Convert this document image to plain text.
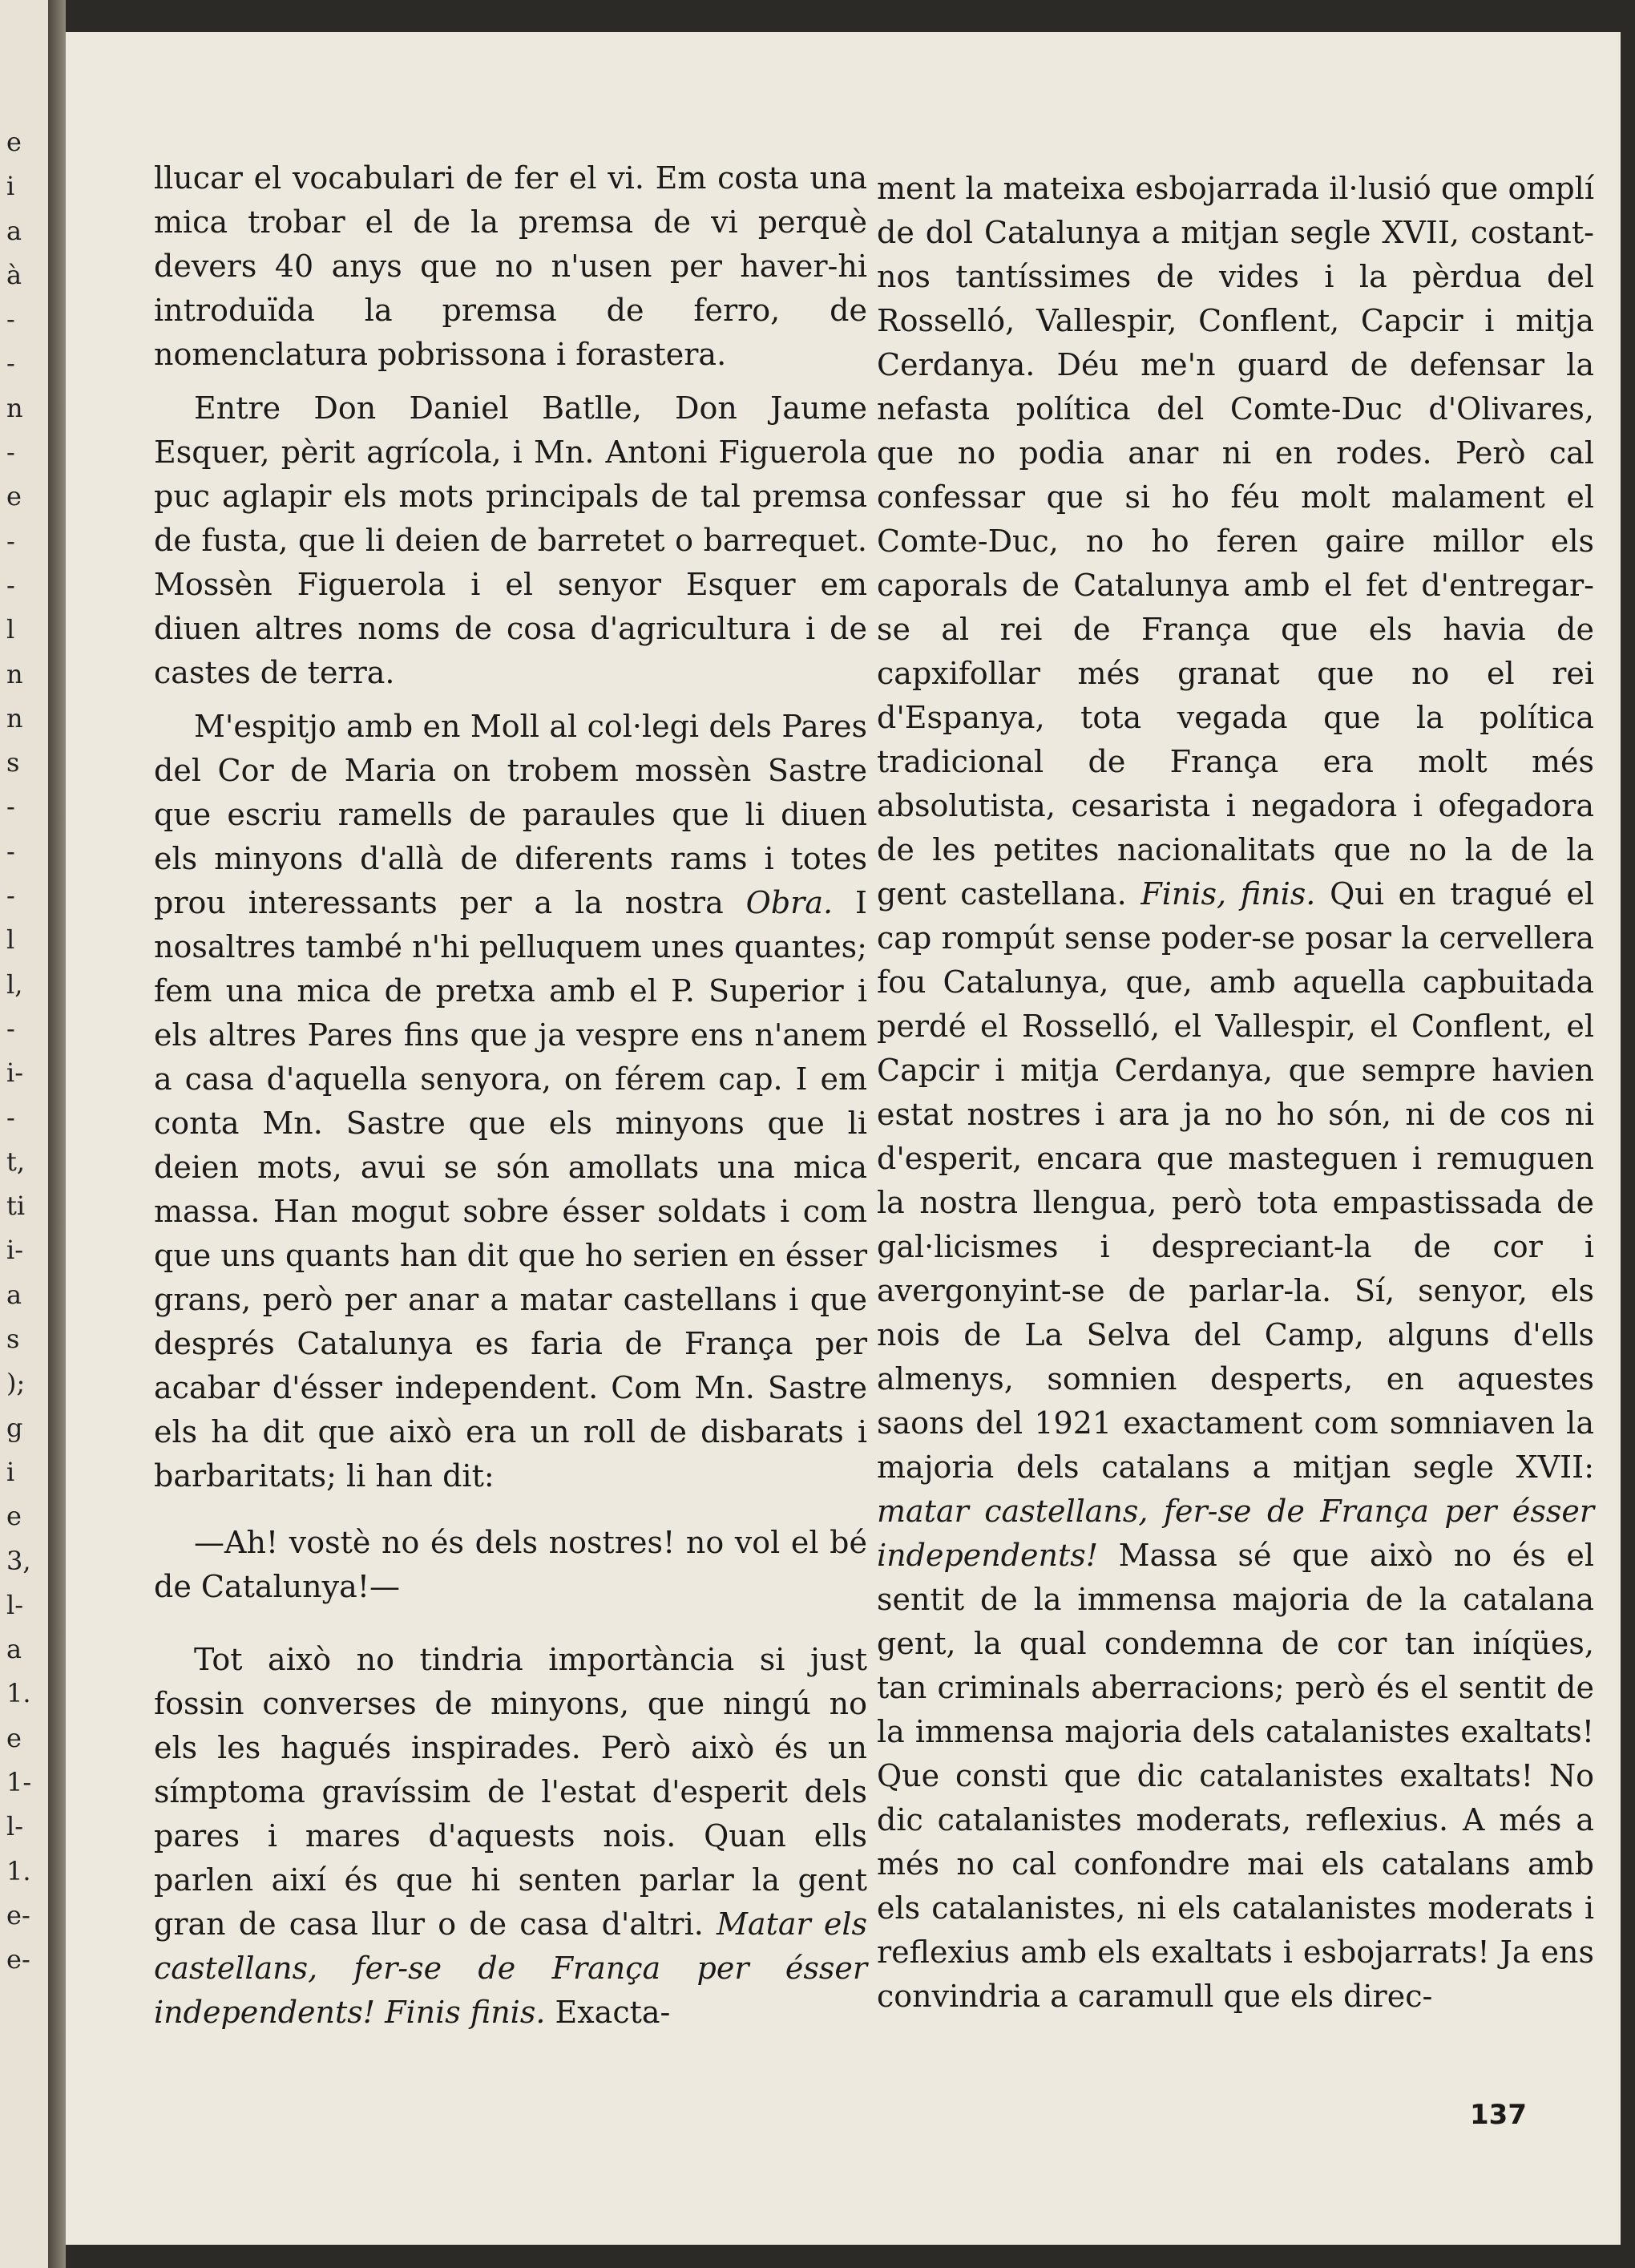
e
i
a
à
-
-
n
-
e
-
-
l
n
n
s
-
-
-
l
l,
-
i-
-
t,
ti
i-
a
s
);
g
i
e
3,
l-
a
1.
e
1-
l-
1.
e-
e-

llucar el vocabulari de fer el vi. Em costa una mica trobar el de la premsa de vi perquè devers 40 anys que no n'usen per haver-hi introduïda la premsa de ferro, de nomenclatura pobrissona i forastera.

Entre Don Daniel Batlle, Don Jaume Esquer, pèrit agrícola, i Mn. Antoni Figuerola puc aglapir els mots principals de tal premsa de fusta, que li deien de barretet o barrequet. Mossèn Figuerola i el senyor Esquer em diuen altres noms de cosa d'agricultura i de castes de terra.

M'espitjo amb en Moll al col·legi dels Pares del Cor de Maria on trobem mossèn Sastre que escriu ramells de paraules que li diuen els minyons d'allà de diferents rams i totes prou interessants per a la nostra Obra. I nosaltres també n'hi pelluquem unes quantes; fem una mica de pretxa amb el P. Superior i els altres Pares fins que ja vespre ens n'anem a casa d'aquella senyora, on férem cap. I em conta Mn. Sastre que els minyons que li deien mots, avui se són amollats una mica massa. Han mogut sobre ésser soldats i com que uns quants han dit que ho serien en ésser grans, però per anar a matar castellans i que després Catalunya es faria de França per acabar d'ésser independent. Com Mn. Sastre els ha dit que això era un roll de disbarats i barbaritats; li han dit:

—Ah! vostè no és dels nostres! no vol el bé de Catalunya!—

Tot això no tindria importància si just fossin converses de minyons, que ningú no els les hagués inspirades. Però això és un símptoma gravíssim de l'estat d'esperit dels pares i mares d'aquests nois. Quan ells parlen així és que hi senten parlar la gent gran de casa llur o de casa d'altri. Matar els castellans, fer-se de França per ésser independents! Finis finis. Exacta-

ment la mateixa esbojarrada il·lusió que omplí de dol Catalunya a mitjan segle XVII, costant-nos tantíssimes de vides i la pèrdua del Rosselló, Vallespir, Conflent, Capcir i mitja Cerdanya. Déu me'n guard de defensar la nefasta política del Comte-Duc d'Olivares, que no podia anar ni en rodes. Però cal confessar que si ho féu molt malament el Comte-Duc, no ho feren gaire millor els caporals de Catalunya amb el fet d'entregar-se al rei de França que els havia de capxifollar més granat que no el rei d'Espanya, tota vegada que la política tradicional de França era molt més absolutista, cesarista i negadora i ofegadora de les petites nacionalitats que no la de la gent castellana. Finis, finis. Qui en tragué el cap rompút sense poder-se posar la cervellera fou Catalunya, que, amb aquella capbuitada perdé el Rosselló, el Vallespir, el Conflent, el Capcir i mitja Cerdanya, que sempre havien estat nostres i ara ja no ho són, ni de cos ni d'esperit, encara que masteguen i remuguen la nostra llengua, però tota empastissada de gal·licismes i despreciant-la de cor i avergonyint-se de parlar-la. Sí, senyor, els nois de La Selva del Camp, alguns d'ells almenys, somnien desperts, en aquestes saons del 1921 exactament com somniaven la majoria dels catalans a mitjan segle XVII: matar castellans, fer-se de França per ésser independents! Massa sé que això no és el sentit de la immensa majoria de la catalana gent, la qual condemna de cor tan iníqües, tan criminals aberracions; però és el sentit de la immensa majoria dels catalanistes exaltats! Que consti que dic catalanistes exaltats! No dic catalanistes moderats, reflexius. A més a més no cal confondre mai els catalans amb els catalanistes, ni els catalanistes moderats i reflexius amb els exaltats i esbojarrats! Ja ens convindria a caramull que els direc-

137
